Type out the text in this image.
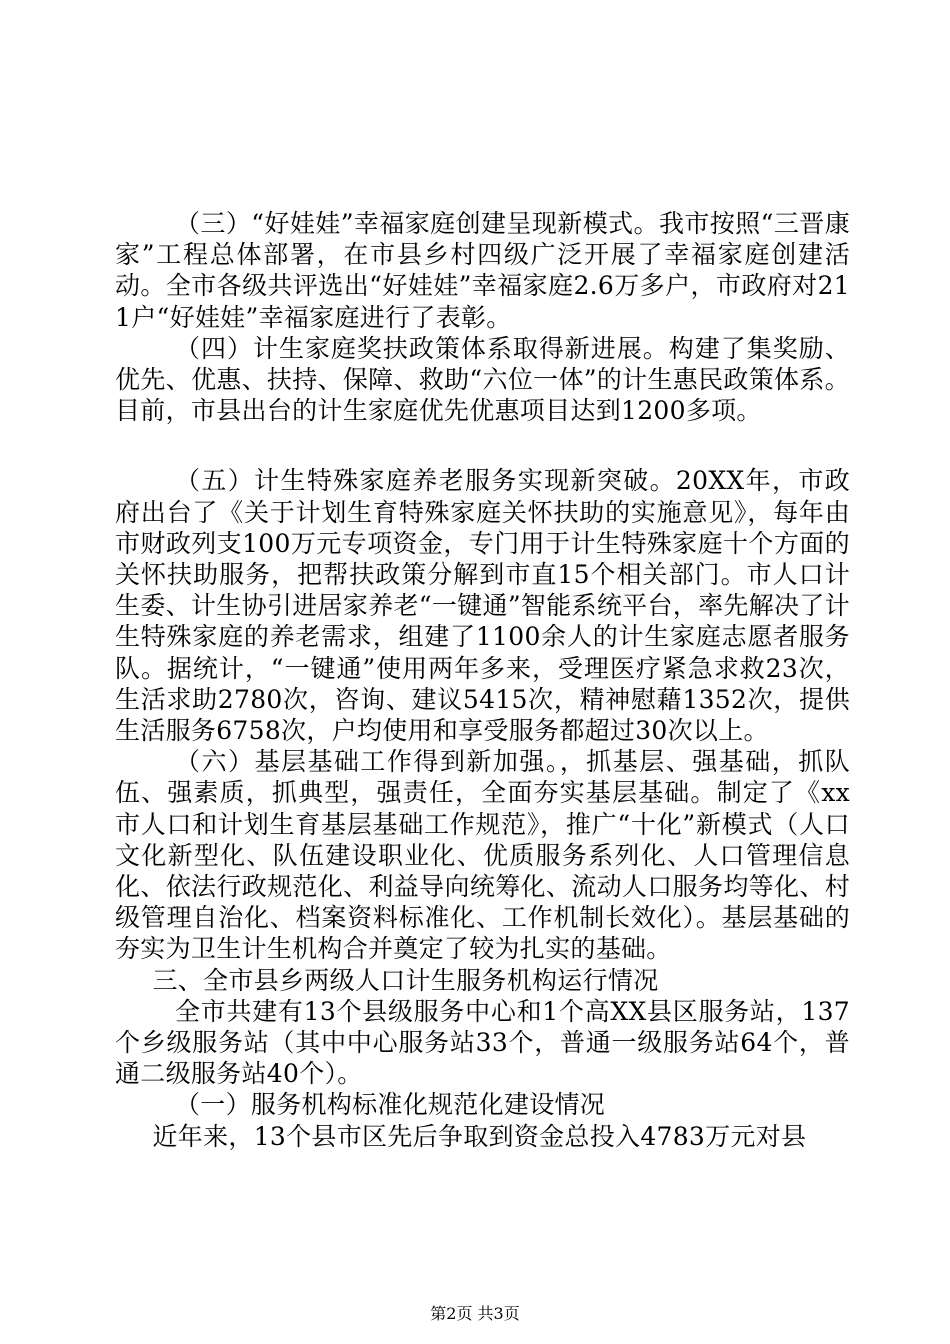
（三）“好娃娃”幸福家庭创建呈现新模式。我市按照“三晋康家”工程总体部署，在市县乡村四级广泛开展了幸福家庭创建活动。全市各级共评选出“好娃娃”幸福家庭2.6万多户，市政府对211户“好娃娃”幸福家庭进行了表彰。

（四）计生家庭奖扶政策体系取得新进展。构建了集奖励、优先、优惠、扶持、保障、救助“六位一体”的计生惠民政策体系。目前，市县出台的计生家庭优先优惠项目达到1200多项。

（五）计生特殊家庭养老服务实现新突破。20XX年，市政府出台了《关于计划生育特殊家庭关怀扶助的实施意见》，每年由市财政列支100万元专项资金，专门用于计生特殊家庭十个方面的关怀扶助服务，把帮扶政策分解到市直15个相关部门。市人口计生委、计生协引进居家养老“一键通”智能系统平台，率先解决了计生特殊家庭的养老需求，组建了1100余人的计生家庭志愿者服务队。据统计，“一键通”使用两年多来，受理医疗紧急求救23次，生活求助2780次，咨询、建议5415次，精神慰藉1352次，提供生活服务6758次，户均使用和享受服务都超过30次以上。

（六）基层基础工作得到新加强。，抓基层、强基础，抓队伍、强素质，抓典型，强责任，全面夯实基层基础。制定了《xx市人口和计划生育基层基础工作规范》，推广“十化”新模式（人口文化新型化、队伍建设职业化、优质服务系列化、人口管理信息化、依法行政规范化、利益导向统筹化、流动人口服务均等化、村级管理自治化、档案资料标准化、工作机制长效化）。基层基础的夯实为卫生计生机构合并奠定了较为扎实的基础。

三、全市县乡两级人口计生服务机构运行情况

全市共建有13个县级服务中心和1个高XX县区服务站，137个乡级服务站（其中中心服务站33个，普通一级服务站64个，普通二级服务站40个）。

（一）服务机构标准化规范化建设情况

近年来，13个县市区先后争取到资金总投入4783万元对县

第2页 共3页
